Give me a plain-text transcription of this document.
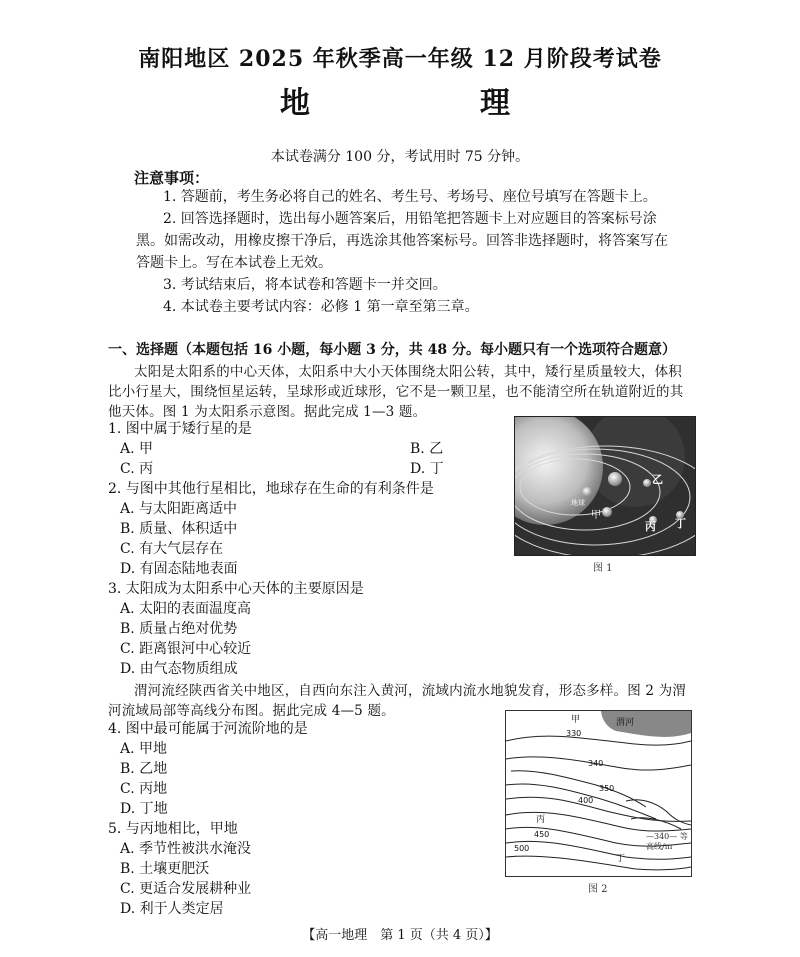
南阳地区 2025 年秋季高一年级 12 月阶段考试卷
地　理
本试卷满分 100 分，考试用时 75 分钟。
注意事项：
1. 答题前，考生务必将自己的姓名、考生号、考场号、座位号填写在答题卡上。
2. 回答选择题时，选出每小题答案后，用铅笔把答题卡上对应题目的答案标号涂
黑。如需改动，用橡皮擦干净后，再选涂其他答案标号。回答非选择题时，将答案写在
答题卡上。写在本试卷上无效。
3. 考试结束后，将本试卷和答题卡一并交回。
4. 本试卷主要考试内容：必修 1 第一章至第三章。
一、选择题（本题包括 16 小题，每小题 3 分，共 48 分。每小题只有一个选项符合题意）
太阳是太阳系的中心天体，太阳系中大小天体围绕太阳公转，其中，矮行星质量较大，体积
比小行星大，围绕恒星运转，呈球形或近球形，它不是一颗卫星，也不能清空所在轨道附近的其
他天体。图 1 为太阳系示意图。据此完成 1—3 题。
1. 图中属于矮行星的是
A. 甲	B. 乙
C. 丙	D. 丁
2. 与图中其他行星相比，地球存在生命的有利条件是
A. 与太阳距离适中
B. 质量、体积适中
C. 有大气层存在
D. 有固态陆地表面
3. 太阳成为太阳系中心天体的主要原因是
A. 太阳的表面温度高
B. 质量占绝对优势
C. 距离银河中心较近
D. 由气态物质组成
渭河流经陕西省关中地区，自西向东注入黄河，流域内流水地貌发育，形态多样。图 2 为渭
河流域局部等高线分布图。据此完成 4—5 题。
4. 图中最可能属于河流阶地的是
A. 甲地
B. 乙地
C. 丙地
D. 丁地
5. 与丙地相比，甲地
A. 季节性被洪水淹没
B. 土壤更肥沃
C. 更适合发展耕种业
D. 利于人类定居
地球
乙
甲
丙 丁
图 1
甲	渭河
330
340
350
400
450
500
丙
丁
—340— 等高线/m
图 2
【高一地理　第 1 页（共 4 页）】
